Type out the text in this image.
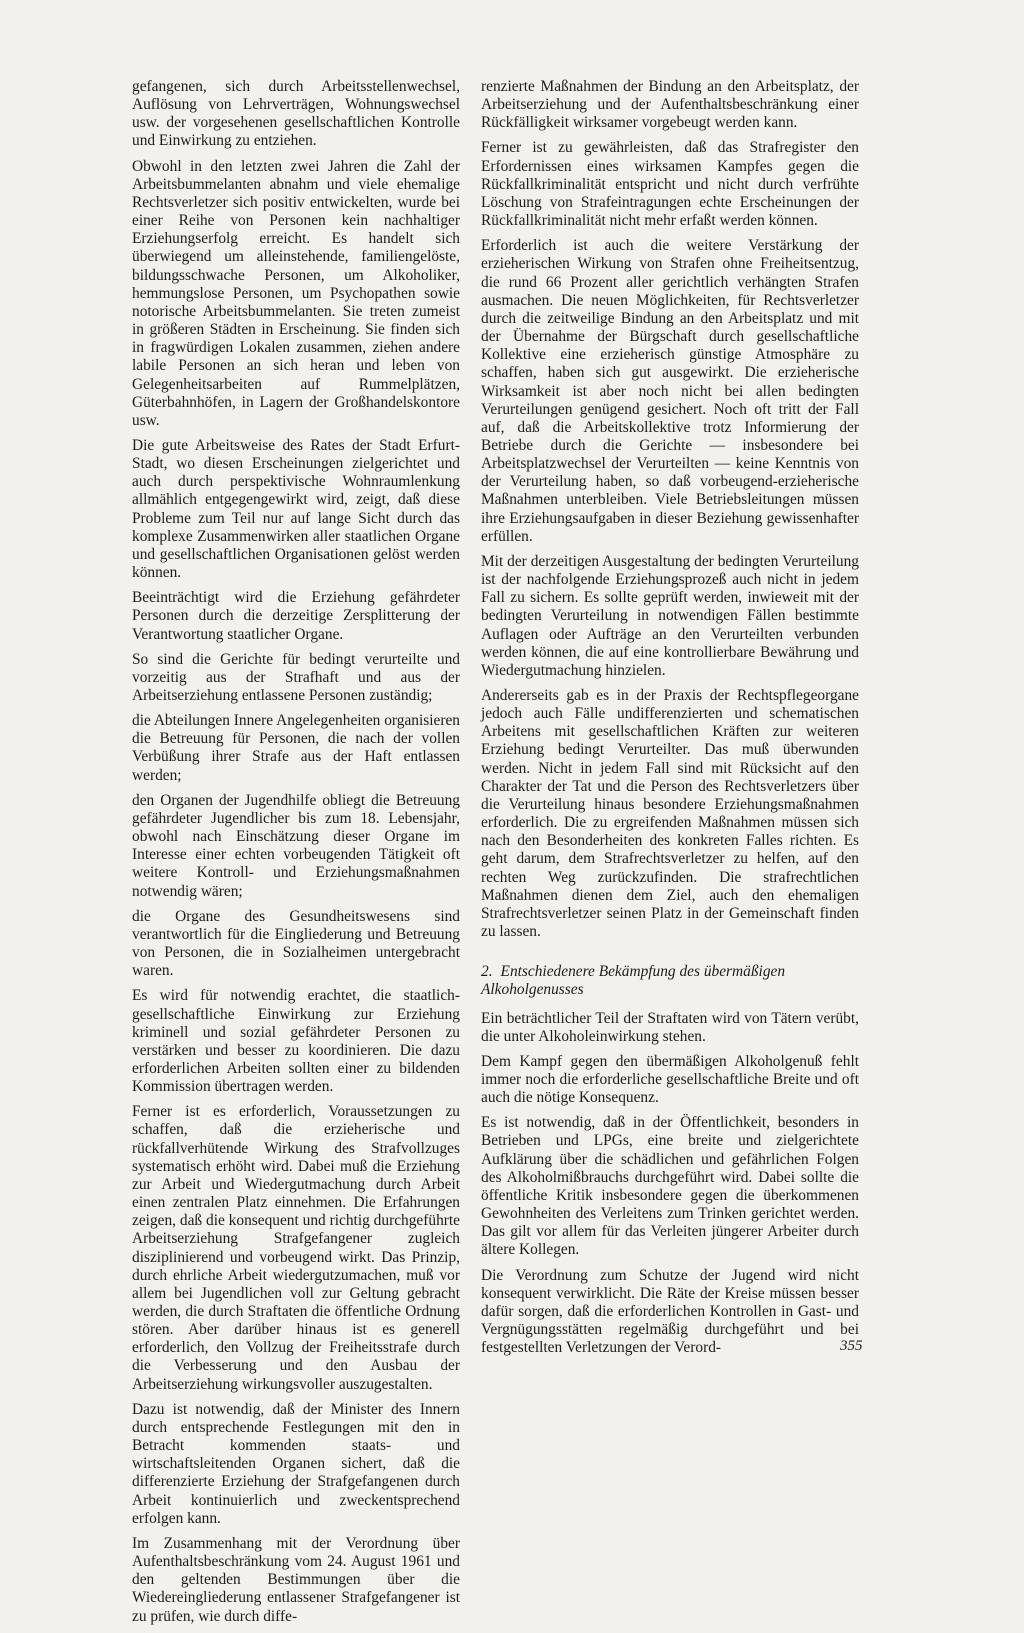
gefangenen, sich durch Arbeitsstellenwechsel, Auflösung von Lehrverträgen, Wohnungswechsel usw. der vorgesehenen gesellschaftlichen Kontrolle und Einwirkung zu entziehen.

Obwohl in den letzten zwei Jahren die Zahl der Arbeitsbummelanten abnahm und viele ehemalige Rechtsverletzer sich positiv entwickelten, wurde bei einer Reihe von Personen kein nachhaltiger Erziehungserfolg erreicht. Es handelt sich überwiegend um alleinstehende, familiengelöste, bildungsschwache Personen, um Alkoholiker, hemmungslose Personen, um Psychopathen sowie notorische Arbeitsbummelanten. Sie treten zumeist in größeren Städten in Erscheinung. Sie finden sich in fragwürdigen Lokalen zusammen, ziehen andere labile Personen an sich heran und leben von Gelegenheitsarbeiten auf Rummelplätzen, Güterbahnhöfen, in Lagern der Großhandelskontore usw.

Die gute Arbeitsweise des Rates der Stadt Erfurt-Stadt, wo diesen Erscheinungen zielgerichtet und auch durch perspektivische Wohnraumlenkung allmählich entgegengewirkt wird, zeigt, daß diese Probleme zum Teil nur auf lange Sicht durch das komplexe Zusammenwirken aller staatlichen Organe und gesellschaftlichen Organisationen gelöst werden können.

Beeinträchtigt wird die Erziehung gefährdeter Personen durch die derzeitige Zersplitterung der Verantwortung staatlicher Organe.

So sind die Gerichte für bedingt verurteilte und vorzeitig aus der Strafhaft und aus der Arbeitserziehung entlassene Personen zuständig;

die Abteilungen Innere Angelegenheiten organisieren die Betreuung für Personen, die nach der vollen Verbüßung ihrer Strafe aus der Haft entlassen werden;

den Organen der Jugendhilfe obliegt die Betreuung gefährdeter Jugendlicher bis zum 18. Lebensjahr, obwohl nach Einschätzung dieser Organe im Interesse einer echten vorbeugenden Tätigkeit oft weitere Kontroll- und Erziehungsmaßnahmen notwendig wären;

die Organe des Gesundheitswesens sind verantwortlich für die Eingliederung und Betreuung von Personen, die in Sozialheimen untergebracht waren.

Es wird für notwendig erachtet, die staatlich-gesellschaftliche Einwirkung zur Erziehung kriminell und sozial gefährdeter Personen zu verstärken und besser zu koordinieren. Die dazu erforderlichen Arbeiten sollten einer zu bildenden Kommission übertragen werden.

Ferner ist es erforderlich, Voraussetzungen zu schaffen, daß die erzieherische und rückfallverhütende Wirkung des Strafvollzuges systematisch erhöht wird. Dabei muß die Erziehung zur Arbeit und Wiedergutmachung durch Arbeit einen zentralen Platz einnehmen. Die Erfahrungen zeigen, daß die konsequent und richtig durchgeführte Arbeitserziehung Strafgefangener zugleich disziplinierend und vorbeugend wirkt. Das Prinzip, durch ehrliche Arbeit wiedergutzumachen, muß vor allem bei Jugendlichen voll zur Geltung gebracht werden, die durch Straftaten die öffentliche Ordnung stören. Aber darüber hinaus ist es generell erforderlich, den Vollzug der Freiheitsstrafe durch die Verbesserung und den Ausbau der Arbeitserziehung wirkungsvoller auszugestalten.

Dazu ist notwendig, daß der Minister des Innern durch entsprechende Festlegungen mit den in Betracht kommenden staats- und wirtschaftsleitenden Organen sichert, daß die differenzierte Erziehung der Strafgefangenen durch Arbeit kontinuierlich und zweckentsprechend erfolgen kann.

Im Zusammenhang mit der Verordnung über Aufenthaltsbeschränkung vom 24. August 1961 und den geltenden Bestimmungen über die Wiedereingliederung entlassener Strafgefangener ist zu prüfen, wie durch diffe-

renzierte Maßnahmen der Bindung an den Arbeitsplatz, der Arbeitserziehung und der Aufenthaltsbeschränkung einer Rückfälligkeit wirksamer vorgebeugt werden kann.

Ferner ist zu gewährleisten, daß das Strafregister den Erfordernissen eines wirksamen Kampfes gegen die Rückfallkriminalität entspricht und nicht durch verfrühte Löschung von Strafeintragungen echte Erscheinungen der Rückfallkriminalität nicht mehr erfaßt werden können.

Erforderlich ist auch die weitere Verstärkung der erzieherischen Wirkung von Strafen ohne Freiheitsentzug, die rund 66 Prozent aller gerichtlich verhängten Strafen ausmachen. Die neuen Möglichkeiten, für Rechtsverletzer durch die zeitweilige Bindung an den Arbeitsplatz und mit der Übernahme der Bürgschaft durch gesellschaftliche Kollektive eine erzieherisch günstige Atmosphäre zu schaffen, haben sich gut ausgewirkt. Die erzieherische Wirksamkeit ist aber noch nicht bei allen bedingten Verurteilungen genügend gesichert. Noch oft tritt der Fall auf, daß die Arbeitskollektive trotz Informierung der Betriebe durch die Gerichte — insbesondere bei Arbeitsplatzwechsel der Verurteilten — keine Kenntnis von der Verurteilung haben, so daß vorbeugend-erzieherische Maßnahmen unterbleiben. Viele Betriebsleitungen müssen ihre Erziehungsaufgaben in dieser Beziehung gewissenhafter erfüllen.

Mit der derzeitigen Ausgestaltung der bedingten Verurteilung ist der nachfolgende Erziehungsprozeß auch nicht in jedem Fall zu sichern. Es sollte geprüft werden, inwieweit mit der bedingten Verurteilung in notwendigen Fällen bestimmte Auflagen oder Aufträge an den Verurteilten verbunden werden können, die auf eine kontrollierbare Bewährung und Wiedergutmachung hinzielen.

Andererseits gab es in der Praxis der Rechtspflegeorgane jedoch auch Fälle undifferenzierten und schematischen Arbeitens mit gesellschaftlichen Kräften zur weiteren Erziehung bedingt Verurteilter. Das muß überwunden werden. Nicht in jedem Fall sind mit Rücksicht auf den Charakter der Tat und die Person des Rechtsverletzers über die Verurteilung hinaus besondere Erziehungsmaßnahmen erforderlich. Die zu ergreifenden Maßnahmen müssen sich nach den Besonderheiten des konkreten Falles richten. Es geht darum, dem Strafrechtsverletzer zu helfen, auf den rechten Weg zurückzufinden. Die strafrechtlichen Maßnahmen dienen dem Ziel, auch den ehemaligen Strafrechtsverletzer seinen Platz in der Gemeinschaft finden zu lassen.

2. Entschiedenere Bekämpfung des übermäßigen Alkoholgenusses

Ein beträchtlicher Teil der Straftaten wird von Tätern verübt, die unter Alkoholeinwirkung stehen.

Dem Kampf gegen den übermäßigen Alkoholgenuß fehlt immer noch die erforderliche gesellschaftliche Breite und oft auch die nötige Konsequenz.

Es ist notwendig, daß in der Öffentlichkeit, besonders in Betrieben und LPGs, eine breite und zielgerichtete Aufklärung über die schädlichen und gefährlichen Folgen des Alkoholmißbrauchs durchgeführt wird. Dabei sollte die öffentliche Kritik insbesondere gegen die überkommenen Gewohnheiten des Verleitens zum Trinken gerichtet werden. Das gilt vor allem für das Verleiten jüngerer Arbeiter durch ältere Kollegen.

Die Verordnung zum Schutze der Jugend wird nicht konsequent verwirklicht. Die Räte der Kreise müssen besser dafür sorgen, daß die erforderlichen Kontrollen in Gast- und Vergnügungsstätten regelmäßig durchgeführt und bei festgestellten Verletzungen der Verord-	355
